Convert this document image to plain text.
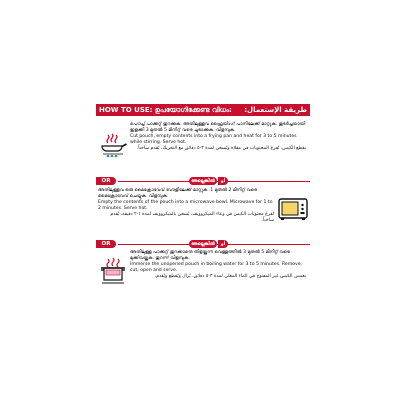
HOW TO USE: ഉപയോഗിക്കേണ്ട വിധം: طريقة الإستعمال:

പൌച്ച് പാക്കറ്റ് തുറക്കുക. അതിലുള്ളവ ഫ്രൈയിംഗ് പാനിലേക്ക് മാറ്റുക. തുടർച്ചയായി ഇളക്കി 3 മുതൽ 5 മിനിറ്റ് വരെ ചൂടാക്കുക. വിളമ്പുക.

Cut pouch, empty contents into a frying pan and heat for 3 to 5 minutes while stirring. Serve hot.

يقطع الكيس، تُفرغ المحتويات في مقلاة ويُسخن لمدة ٣-٥ دقائق مع التحريك، يُقدم ساخناً.

OR	അല്ലെങ്കിൽ	أو

അതിലുള്ളവ ഒരു മൈക്രോവേവ് ബൗളിലേക്ക് മാറ്റുക. 1 മുതൽ 2 മിനിറ്റ് വരെ മൈക്രോവേവ് ചെയ്യുക. വിളമ്പുക.

Empty the contents of the pouch into a microwave bowl. Microwave for 1 to 2 minutes. Serve hot.

تُفرغ محتويات الكيس في وعاء الميكروويف، يُسخن بالميكروويف لمدة ١-٢ دقيقة، يُقدم ساخناً.

OR	അല്ലെങ്കിൽ	أو

അതിലുള്ള പാക്കറ്റ് തുറക്കാതെ തിളയ്ക്കുന്ന വെള്ളത്തിൽ 3 മുതൽ 5 മിനിറ്റ് വരെ മുക്കിവയ്ക്കുക. തുറന്ന് വിളമ്പുക.

Immerse the unopened pouch in boiling water for 3 to 5 minutes. Remove, cut, open and serve.

يغمس الكيس غير المفتوح في الماء المغلي لمدة ٣-٥ دقائق، يُزال ويُقطع ويُقدم.
